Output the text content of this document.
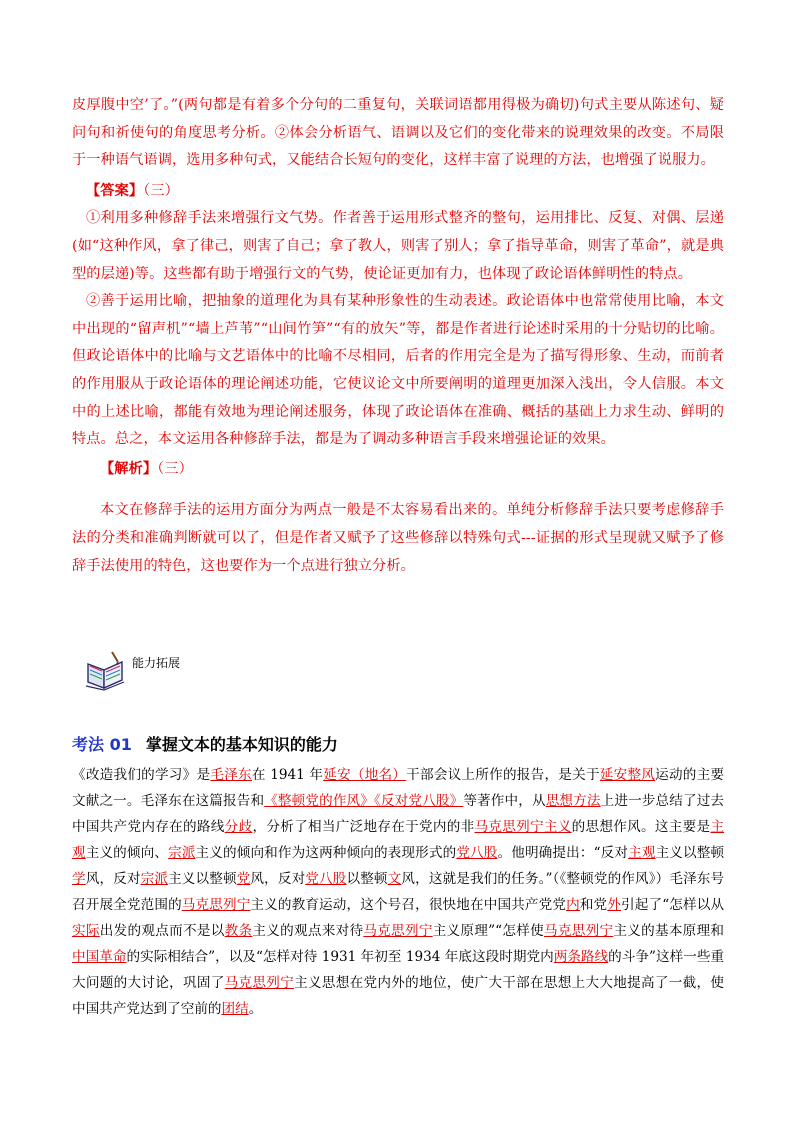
皮厚腹中空’了。”(两句都是有着多个分句的二重复句，关联词语都用得极为确切)句式主要从陈述句、疑问句和祈使句的角度思考分析。②体会分析语气、语调以及它们的变化带来的说理效果的改变。不局限于一种语气语调，选用多种句式，又能结合长短句的变化，这样丰富了说理的方法，也增强了说服力。

【答案】（三）

①利用多种修辞手法来增强行文气势。作者善于运用形式整齐的整句，运用排比、反复、对偶、层递(如“这种作风，拿了律己，则害了自己；拿了教人，则害了别人；拿了指导革命，则害了革命”，就是典型的层递)等。这些都有助于增强行文的气势，使论证更加有力，也体现了政论语体鲜明性的特点。

②善于运用比喻，把抽象的道理化为具有某种形象性的生动表述。政论语体中也常常使用比喻，本文中出现的“留声机”“墙上芦苇”“山间竹笋”“有的放矢”等，都是作者进行论述时采用的十分贴切的比喻。但政论语体中的比喻与文艺语体中的比喻不尽相同，后者的作用完全是为了描写得形象、生动，而前者的作用服从于政论语体的理论阐述功能，它使议论文中所要阐明的道理更加深入浅出，令人信服。本文中的上述比喻，都能有效地为理论阐述服务，体现了政论语体在准确、概括的基础上力求生动、鲜明的特点。总之，本文运用各种修辞手法，都是为了调动多种语言手段来增强论证的效果。

【解析】（三）

本文在修辞手法的运用方面分为两点一般是不太容易看出来的。单纯分析修辞手法只要考虑修辞手法的分类和准确判断就可以了，但是作者又赋予了这些修辞以特殊句式---证据的形式呈现就又赋予了修辞手法使用的特色，这也要作为一个点进行独立分析。

能力拓展
考法 01 掌握文本的基本知识的能力

《改造我们的学习》是毛泽东在 1941 年延安（地名）干部会议上所作的报告，是关于延安整风运动的主要文献之一。毛泽东在这篇报告和《整顿党的作风》《反对党八股》等著作中，从思想方法上进一步总结了过去中国共产党内存在的路线分歧，分析了相当广泛地存在于党内的非马克思列宁主义的思想作风。这主要是主观主义的倾向、宗派主义的倾向和作为这两种倾向的表现形式的党八股。他明确提出：“反对主观主义以整顿学风，反对宗派主义以整顿党风，反对党八股以整顿文风，这就是我们的任务。”（《整顿党的作风》）毛泽东号召开展全党范围的马克思列宁主义的教育运动，这个号召，很快地在中国共产党党内和党外引起了“怎样以从实际出发的观点而不是以教条主义的观点来对待马克思列宁主义原理”“怎样使马克思列宁主义的基本原理和中国革命的实际相结合”，以及“怎样对待 1931 年初至 1934 年底这段时期党内两条路线的斗争”这样一些重大问题的大讨论，巩固了马克思列宁主义思想在党内外的地位，使广大干部在思想上大大地提高了一截，使中国共产党达到了空前的团结。
